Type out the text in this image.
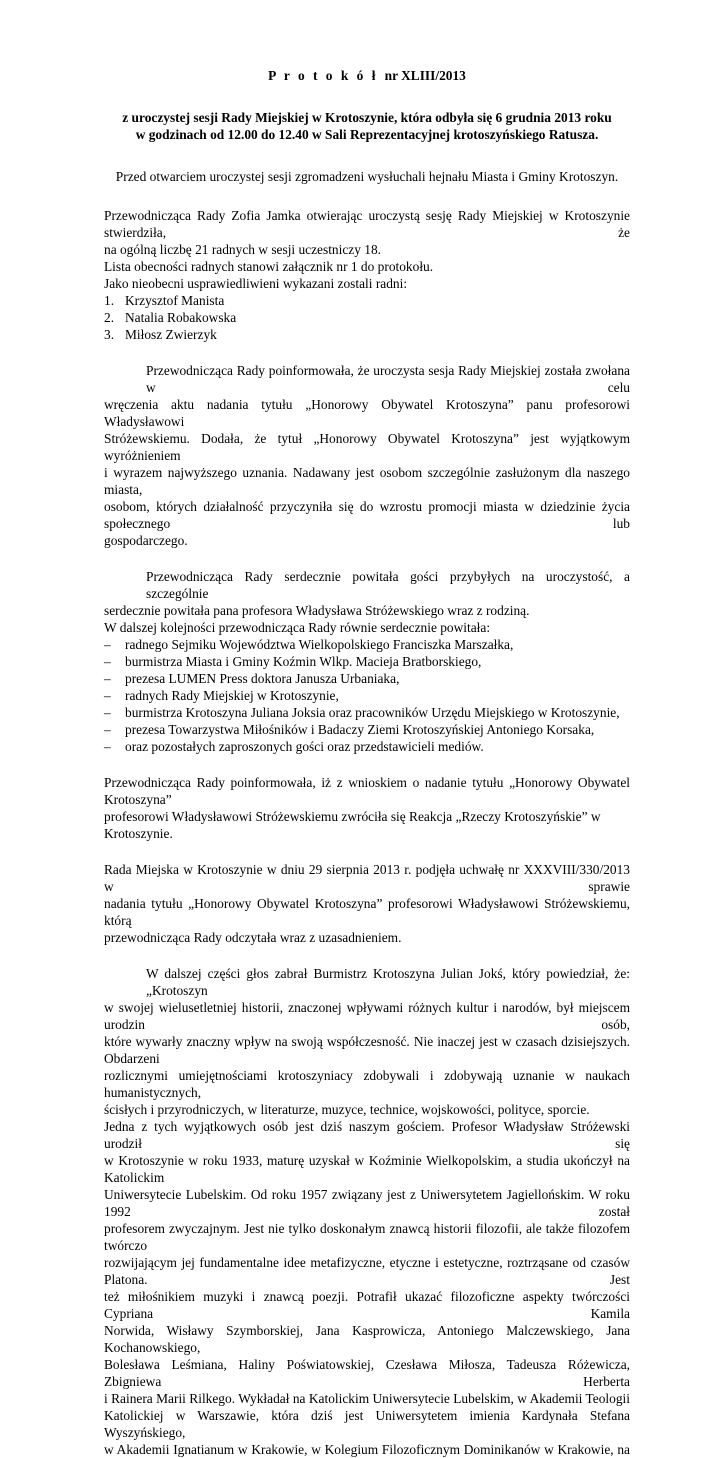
P r o t o k ó ł nr XLIII/2013

z uroczystej sesji Rady Miejskiej w Krotoszynie, która odbyła się 6 grudnia 2013 roku
w godzinach od 12.00 do 12.40 w Sali Reprezentacyjnej krotoszyńskiego Ratusza.

Przed otwarciem uroczystej sesji zgromadzeni wysłuchali hejnału Miasta i Gminy Krotoszyn.

Przewodnicząca Rady Zofia Jamka otwierając uroczystą sesję Rady Miejskiej w Krotoszynie stwierdziła, że
na ogólną liczbę 21 radnych w sesji uczestniczy 18.
Lista obecności radnych stanowi załącznik nr 1 do protokołu.
Jako nieobecni usprawiedliwieni wykazani zostali radni:
1. Krzysztof Manista
2. Natalia Robakowska
3. Miłosz Zwierzyk
Przewodnicząca Rady poinformowała, że uroczysta sesja Rady Miejskiej została zwołana w celu
wręczenia aktu nadania tytułu „Honorowy Obywatel Krotoszyna” panu profesorowi Władysławowi
Stróżewskiemu. Dodała, że tytuł „Honorowy Obywatel Krotoszyna” jest wyjątkowym wyróżnieniem
i wyrazem najwyższego uznania. Nadawany jest osobom szczególnie zasłużonym dla naszego miasta,
osobom, których działalność przyczyniła się do wzrostu promocji miasta w dziedzinie życia społecznego lub
gospodarczego.
Przewodnicząca Rady serdecznie powitała gości przybyłych na uroczystość, a szczególnie
serdecznie powitała pana profesora Władysława Stróżewskiego wraz z rodziną.
W dalszej kolejności przewodnicząca Rady równie serdecznie powitała:
–	radnego Sejmiku Województwa Wielkopolskiego Franciszka Marszałka,
–	burmistrza Miasta i Gminy Koźmin Wlkp. Macieja Bratborskiego,
–	prezesa LUMEN Press doktora Janusza Urbaniaka,
–	radnych Rady Miejskiej w Krotoszynie,
–	burmistrza Krotoszyna Juliana Joksia oraz pracowników Urzędu Miejskiego w Krotoszynie,
–	prezesa Towarzystwa Miłośników i Badaczy Ziemi Krotoszyńskiej Antoniego Korsaka,
–	oraz pozostałych zaproszonych gości oraz przedstawicieli mediów.
Przewodnicząca Rady poinformowała, iż z wnioskiem o nadanie tytułu „Honorowy Obywatel Krotoszyna”
profesorowi Władysławowi Stróżewskiemu zwróciła się Reakcja „Rzeczy Krotoszyńskie” w Krotoszynie.
Rada Miejska w Krotoszynie w dniu 29 sierpnia 2013 r. podjęła uchwałę nr XXXVIII/330/2013 w sprawie
nadania tytułu „Honorowy Obywatel Krotoszyna” profesorowi Władysławowi Stróżewskiemu, którą
przewodnicząca Rady odczytała wraz z uzasadnieniem.
W dalszej części głos zabrał Burmistrz Krotoszyna Julian Jokś, który powiedział, że: „Krotoszyn
w swojej wielusetletniej historii, znaczonej wpływami różnych kultur i narodów, był miejscem urodzin osób,
które wywarły znaczny wpływ na swoją współczesność. Nie inaczej jest w czasach dzisiejszych. Obdarzeni
rozlicznymi umiejętnościami krotoszyniacy zdobywali i zdobywają uznanie w naukach humanistycznych,
ścisłych i przyrodniczych, w literaturze, muzyce, technice, wojskowości, polityce, sporcie.
Jedna z tych wyjątkowych osób jest dziś naszym gościem. Profesor Władysław Stróżewski urodził się
w Krotoszynie w roku 1933, maturę uzyskał w Koźminie Wielkopolskim, a studia ukończył na Katolickim
Uniwersytecie Lubelskim. Od roku 1957 związany jest z Uniwersytetem Jagiellońskim. W roku 1992 został
profesorem zwyczajnym. Jest nie tylko doskonałym znawcą historii filozofii, ale także filozofem twórczo
rozwijającym jej fundamentalne idee metafizyczne, etyczne i estetyczne, roztrząsane od czasów Platona. Jest
też miłośnikiem muzyki i znawcą poezji. Potrafił ukazać filozoficzne aspekty twórczości Cypriana Kamila
Norwida, Wisławy Szymborskiej, Jana Kasprowicza, Antoniego Malczewskiego, Jana Kochanowskiego,
Bolesława Leśmiana, Haliny Poświatowskiej, Czesława Miłosza, Tadeusza Różewicza, Zbigniewa Herberta
i Rainera Marii Rilkego. Wykładał na Katolickim Uniwersytecie Lubelskim, w Akademii Teologii
Katolickiej w Warszawie, która dziś jest Uniwersytetem imienia Kardynała Stefana Wyszyńskiego,
w Akademii Ignatianum w Krakowie, w Kolegium Filozoficznym Dominikanów w Krakowie, na
